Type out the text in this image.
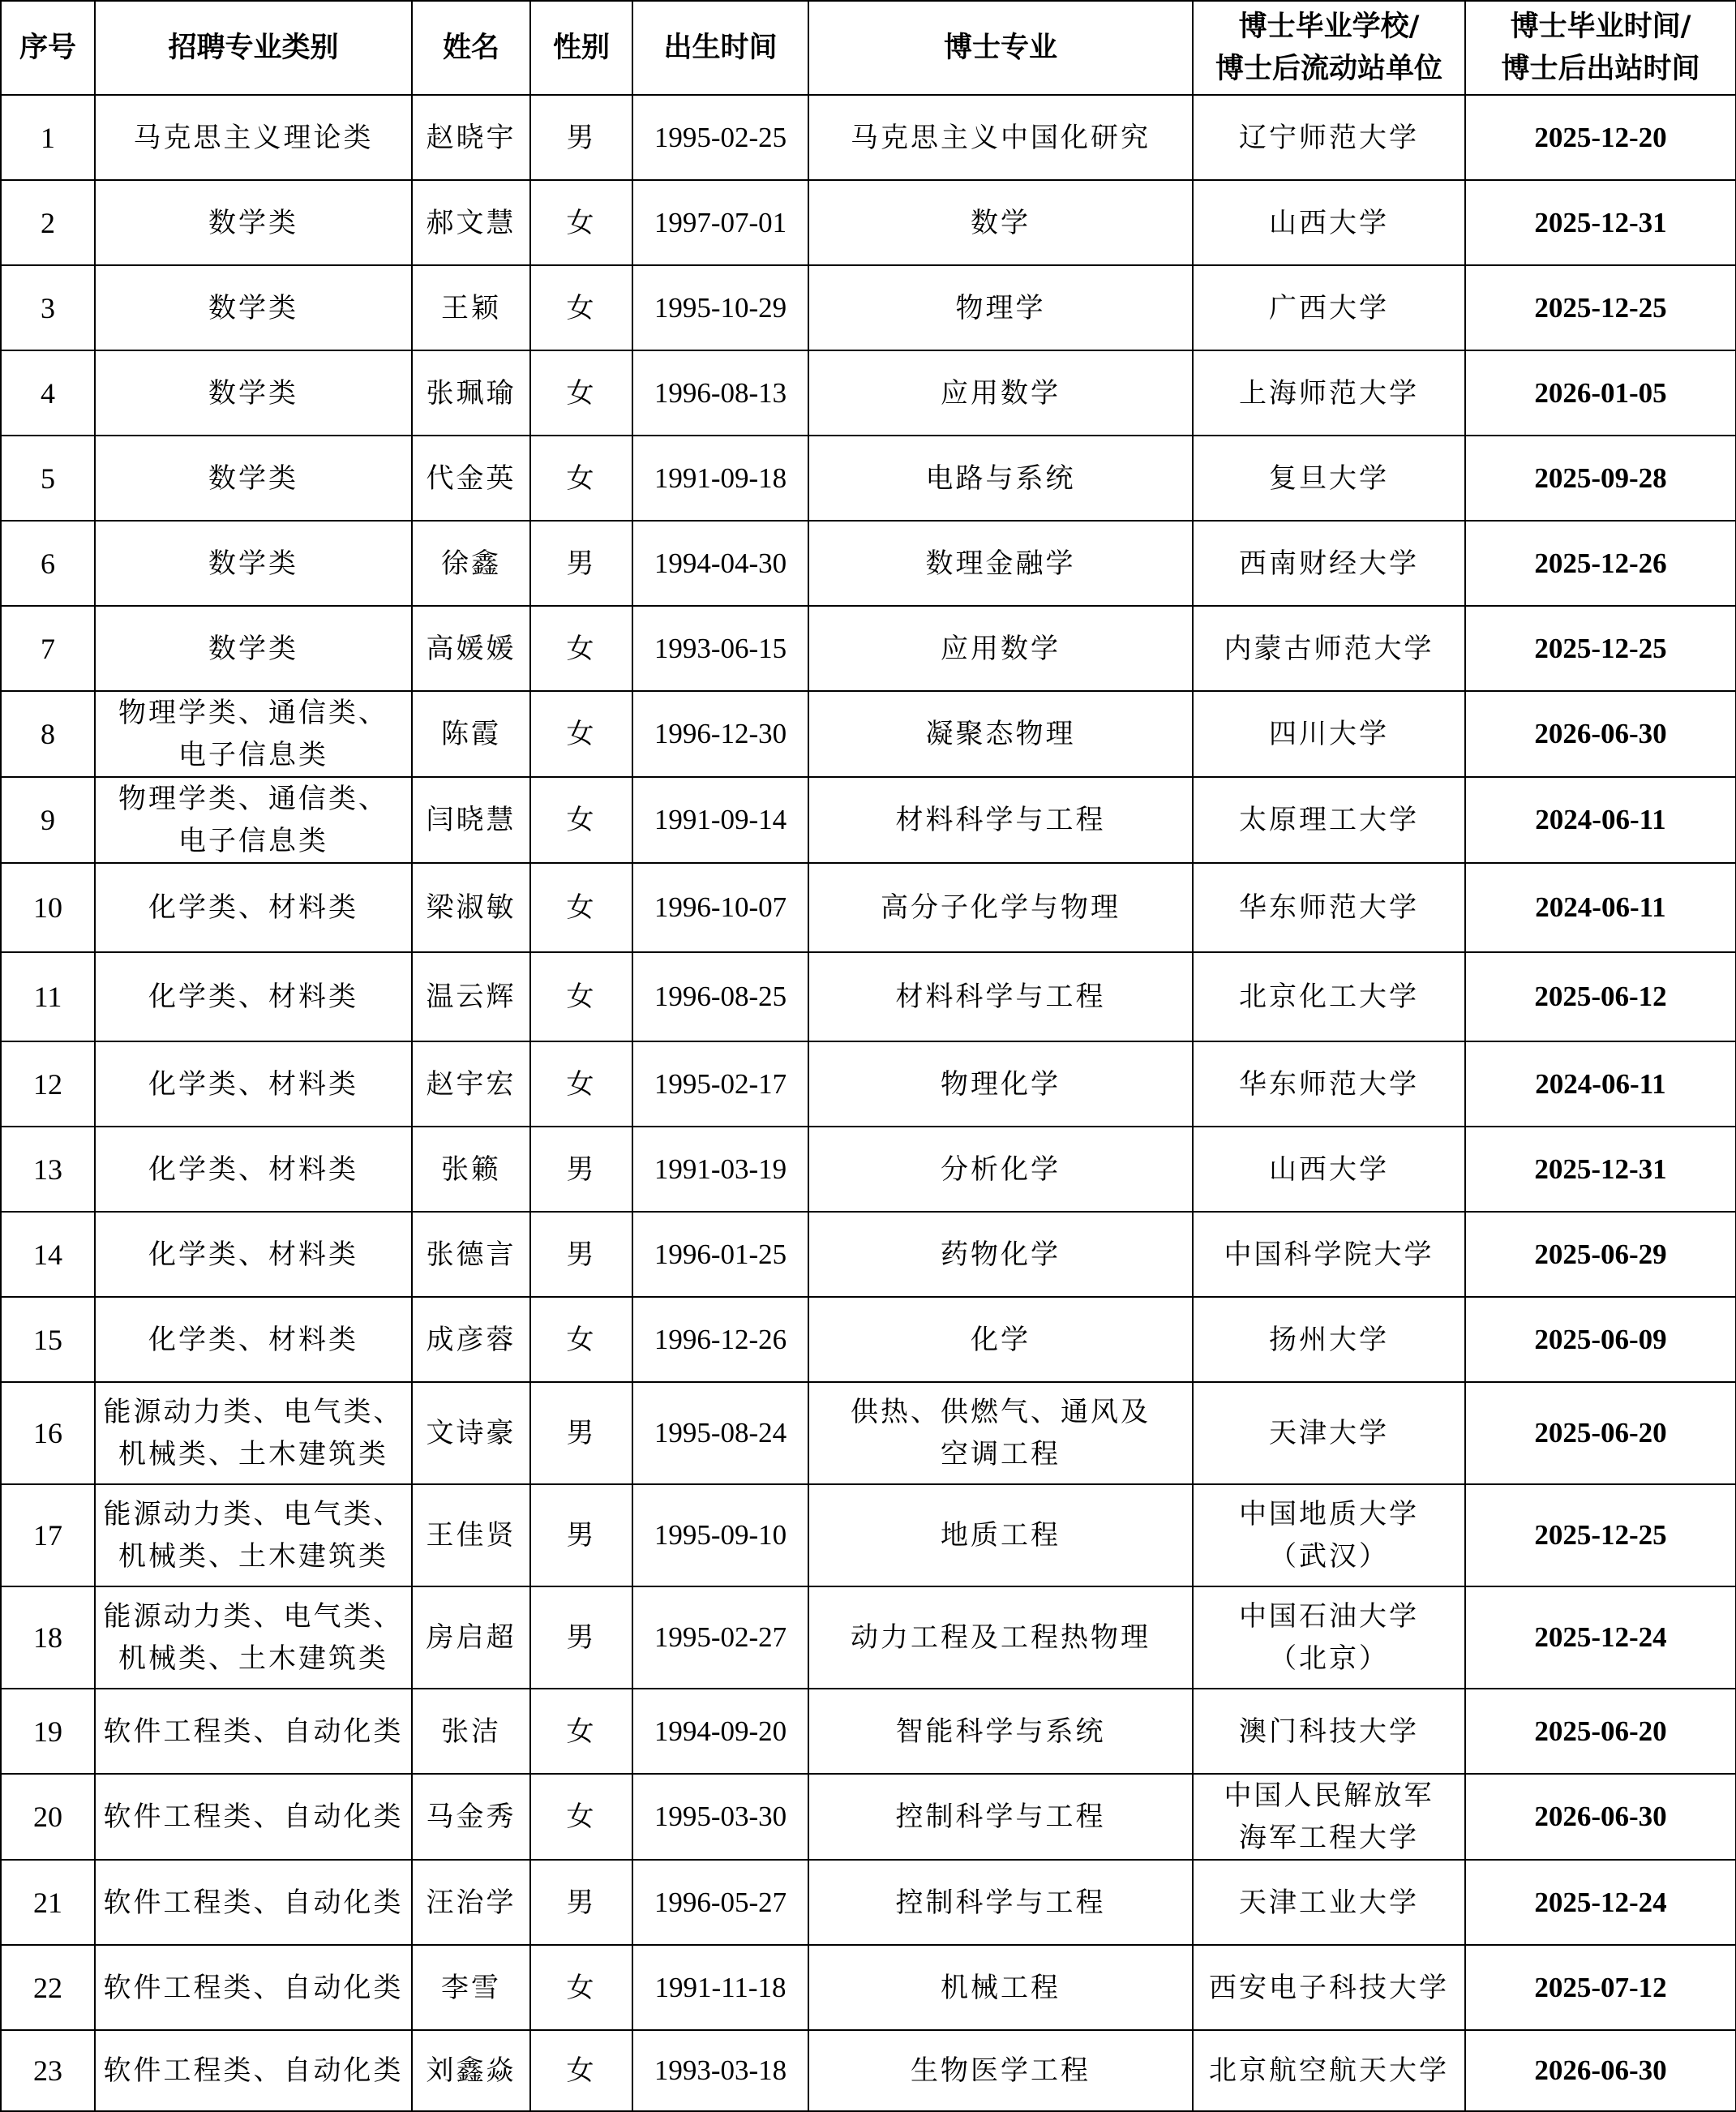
序号	招聘专业类别	姓名	性别	出生时间	博士专业	博士毕业学校/
博士后流动站单位	博士毕业时间/
博士后出站时间
1	马克思主义理论类	赵晓宇	男	1995-02-25	马克思主义中国化研究	辽宁师范大学	2025-12-20
2	数学类	郝文慧	女	1997-07-01	数学	山西大学	2025-12-31
3	数学类	王颖	女	1995-10-29	物理学	广西大学	2025-12-25
4	数学类	张珮瑜	女	1996-08-13	应用数学	上海师范大学	2026-01-05
5	数学类	代金英	女	1991-09-18	电路与系统	复旦大学	2025-09-28
6	数学类	徐鑫	男	1994-04-30	数理金融学	西南财经大学	2025-12-26
7	数学类	高媛媛	女	1993-06-15	应用数学	内蒙古师范大学	2025-12-25
8	物理学类、通信类、
电子信息类	陈霞	女	1996-12-30	凝聚态物理	四川大学	2026-06-30
9	物理学类、通信类、
电子信息类	闫晓慧	女	1991-09-14	材料科学与工程	太原理工大学	2024-06-11
10	化学类、材料类	梁淑敏	女	1996-10-07	高分子化学与物理	华东师范大学	2024-06-11
11	化学类、材料类	温云辉	女	1996-08-25	材料科学与工程	北京化工大学	2025-06-12
12	化学类、材料类	赵宇宏	女	1995-02-17	物理化学	华东师范大学	2024-06-11
13	化学类、材料类	张籁	男	1991-03-19	分析化学	山西大学	2025-12-31
14	化学类、材料类	张德言	男	1996-01-25	药物化学	中国科学院大学	2025-06-29
15	化学类、材料类	成彦蓉	女	1996-12-26	化学	扬州大学	2025-06-09
16	能源动力类、电气类、
机械类、土木建筑类	文诗豪	男	1995-08-24	供热、供燃气、通风及
空调工程	天津大学	2025-06-20
17	能源动力类、电气类、
机械类、土木建筑类	王佳贤	男	1995-09-10	地质工程	中国地质大学
（武汉）	2025-12-25
18	能源动力类、电气类、
机械类、土木建筑类	房启超	男	1995-02-27	动力工程及工程热物理	中国石油大学
（北京）	2025-12-24
19	软件工程类、自动化类	张洁	女	1994-09-20	智能科学与系统	澳门科技大学	2025-06-20
20	软件工程类、自动化类	马金秀	女	1995-03-30	控制科学与工程	中国人民解放军
海军工程大学	2026-06-30
21	软件工程类、自动化类	汪治学	男	1996-05-27	控制科学与工程	天津工业大学	2025-12-24
22	软件工程类、自动化类	李雪	女	1991-11-18	机械工程	西安电子科技大学	2025-07-12
23	软件工程类、自动化类	刘鑫焱	女	1993-03-18	生物医学工程	北京航空航天大学	2026-06-30
